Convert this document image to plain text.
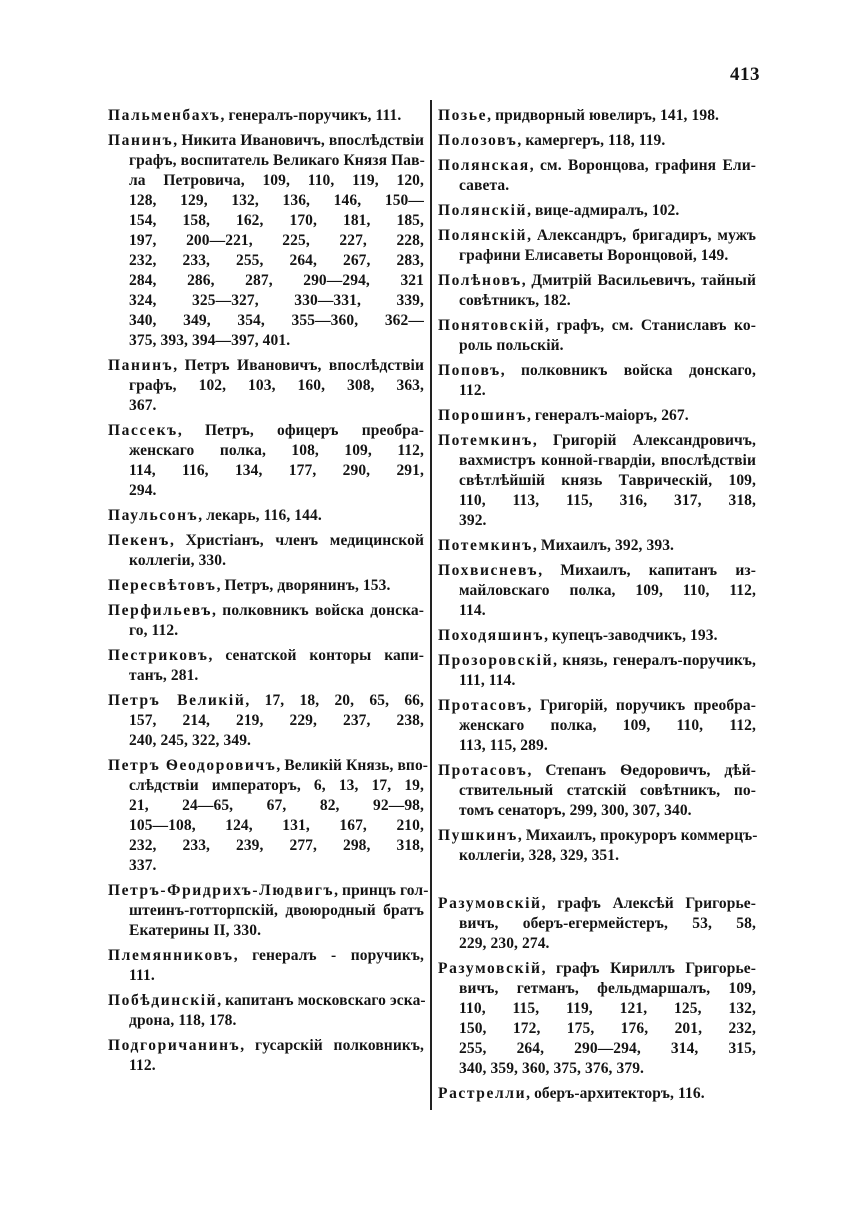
413
Пальменбахъ, генералъ-поручикъ, 111.
Панинъ, Никита Ивановичъ, впослѣдствіи
графъ, воспитатель Великаго Князя Пав-
ла Петровича, 109, 110, 119, 120,
128, 129, 132, 136, 146, 150—
154, 158, 162, 170, 181, 185,
197, 200—221, 225, 227, 228,
232, 233, 255, 264, 267, 283,
284, 286, 287, 290—294, 321
324, 325—327, 330—331, 339,
340, 349, 354, 355—360, 362—
375, 393, 394—397, 401.
Панинъ, Петръ Ивановичъ, впослѣдствіи
графъ, 102, 103, 160, 308, 363,
367.
Пассекъ, Петръ, офицеръ преобра-
женскаго полка, 108, 109, 112,
114, 116, 134, 177, 290, 291,
294.
Паульсонъ, лекарь, 116, 144.
Пекенъ, Христіанъ, членъ медицинской
коллегіи, 330.
Пересвѣтовъ, Петръ, дворянинъ, 153.
Перфильевъ, полковникъ войска донска-
го, 112.
Пестриковъ, сенатской конторы капи-
танъ, 281.
Петръ Великій, 17, 18, 20, 65, 66,
157, 214, 219, 229, 237, 238,
240, 245, 322, 349.
Петръ Ѳеодоровичъ, Великій Князь, впо-
слѣдствіи императоръ, 6, 13, 17, 19,
21, 24—65, 67, 82, 92—98,
105—108, 124, 131, 167, 210,
232, 233, 239, 277, 298, 318,
337.
Петръ-Фридрихъ-Людвигъ, принцъ гол-
штеинъ-готторпскій, двоюродный братъ
Екатерины II, 330.
Племянниковъ, генералъ - поручикъ,
111.
Побѣдинскій, капитанъ московскаго эска-
дрона, 118, 178.
Подгоричанинъ, гусарскій полковникъ,
112.
Позье, придворный ювелиръ, 141, 198.
Полозовъ, камергеръ, 118, 119.
Полянская, см. Воронцова, графиня Ели-
савета.
Полянскій, вице-адмиралъ, 102.
Полянскій, Александръ, бригадиръ, мужъ
графини Елисаветы Воронцовой, 149.
Полѣновъ, Дмитрій Васильевичъ, тайный
совѣтникъ, 182.
Понятовскій, графъ, см. Станиславъ ко-
роль польскій.
Поповъ, полковникъ войска донскаго,
112.
Порошинъ, генералъ-маіоръ, 267.
Потемкинъ, Григорій Александровичъ,
вахмистръ конной-гвардіи, впослѣдствіи
свѣтлѣйшій князь Таврическій, 109,
110, 113, 115, 316, 317, 318,
392.
Потемкинъ, Михаилъ, 392, 393.
Похвисневъ, Михаилъ, капитанъ из-
майловскаго полка, 109, 110, 112,
114.
Походяшинъ, купецъ-заводчикъ, 193.
Прозоровскій, князь, генералъ-поручикъ,
111, 114.
Протасовъ, Григорій, поручикъ преобра-
женскаго полка, 109, 110, 112,
113, 115, 289.
Протасовъ, Степанъ Ѳедоровичъ, дѣй-
ствительный статскій совѣтникъ, по-
томъ сенаторъ, 299, 300, 307, 340.
Пушкинъ, Михаилъ, прокуроръ коммерцъ-
коллегіи, 328, 329, 351.
Разумовскій, графъ Алексѣй Григорье-
вичъ, оберъ-егермейстеръ, 53, 58,
229, 230, 274.
Разумовскій, графъ Кириллъ Григорье-
вичъ, гетманъ, фельдмаршалъ, 109,
110, 115, 119, 121, 125, 132,
150, 172, 175, 176, 201, 232,
255, 264, 290—294, 314, 315,
340, 359, 360, 375, 376, 379.
Растрелли, оберъ-архитекторъ, 116.
